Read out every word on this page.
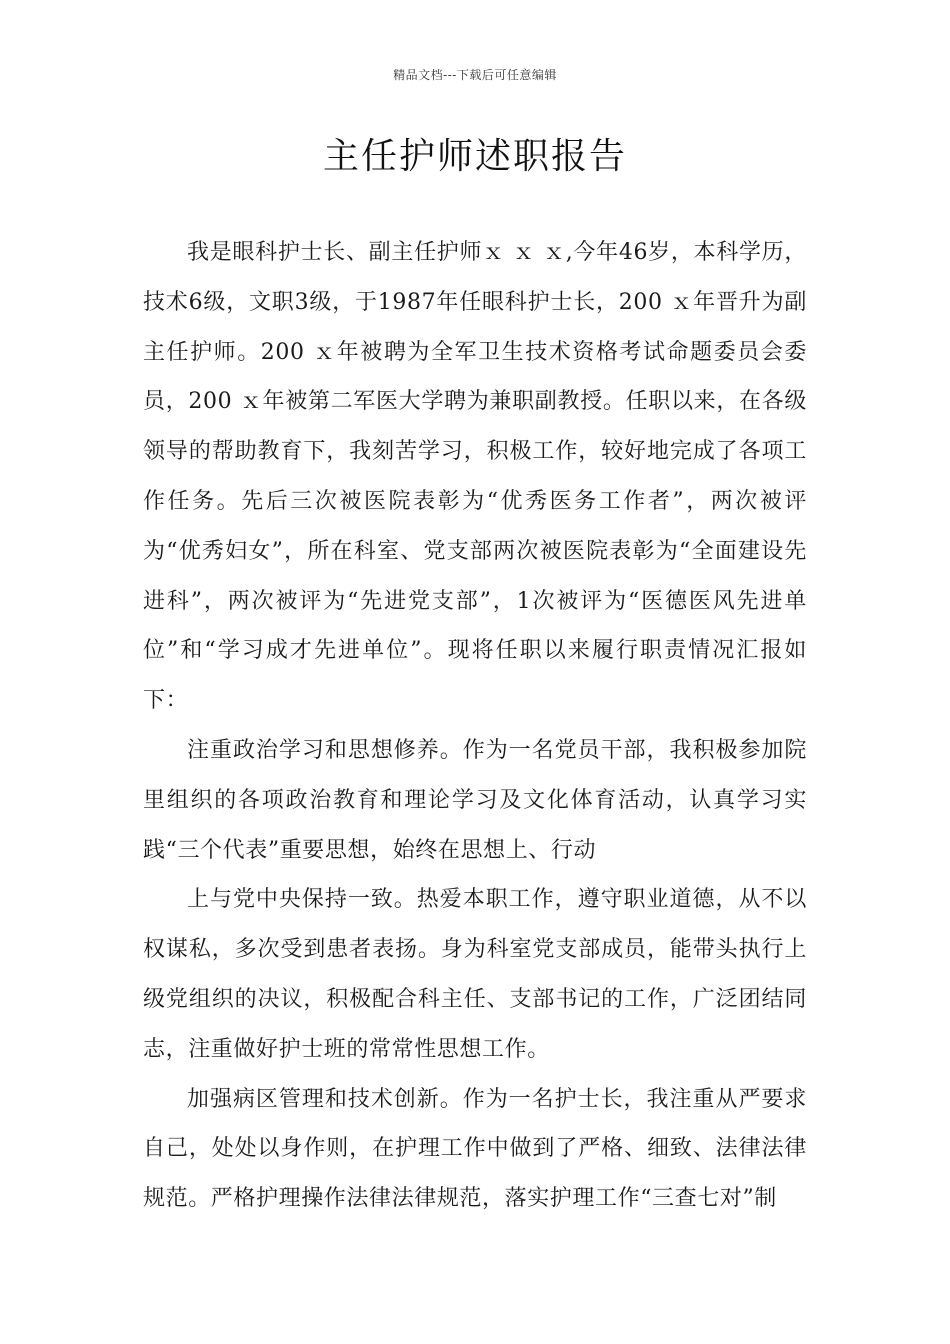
精品文档---下载后可任意编辑
主任护师述职报告

我是眼科护士长、副主任护师ｘ ｘ ｘ,今年46岁，本科学历，技术6级，文职3级，于1987年任眼科护士长，200 ｘ年晋升为副主任护师。200 ｘ年被聘为全军卫生技术资格考试命题委员会委员，200 ｘ年被第二军医大学聘为兼职副教授。任职以来，在各级领导的帮助教育下，我刻苦学习，积极工作，较好地完成了各项工作任务。先后三次被医院表彰为“优秀医务工作者”，两次被评为“优秀妇女”，所在科室、党支部两次被医院表彰为“全面建设先进科”，两次被评为“先进党支部”，1次被评为“医德医风先进单位”和“学习成才先进单位”。现将任职以来履行职责情况汇报如下：

注重政治学习和思想修养。作为一名党员干部，我积极参加院里组织的各项政治教育和理论学习及文化体育活动，认真学习实践“三个代表”重要思想，始终在思想上、行动

上与党中央保持一致。热爱本职工作，遵守职业道德，从不以权谋私，多次受到患者表扬。身为科室党支部成员，能带头执行上级党组织的决议，积极配合科主任、支部书记的工作，广泛团结同志，注重做好护士班的常常性思想工作。

加强病区管理和技术创新。作为一名护士长，我注重从严要求自己，处处以身作则，在护理工作中做到了严格、细致、法律法律规范。严格护理操作法律法律规范，落实护理工作“三查七对”制
